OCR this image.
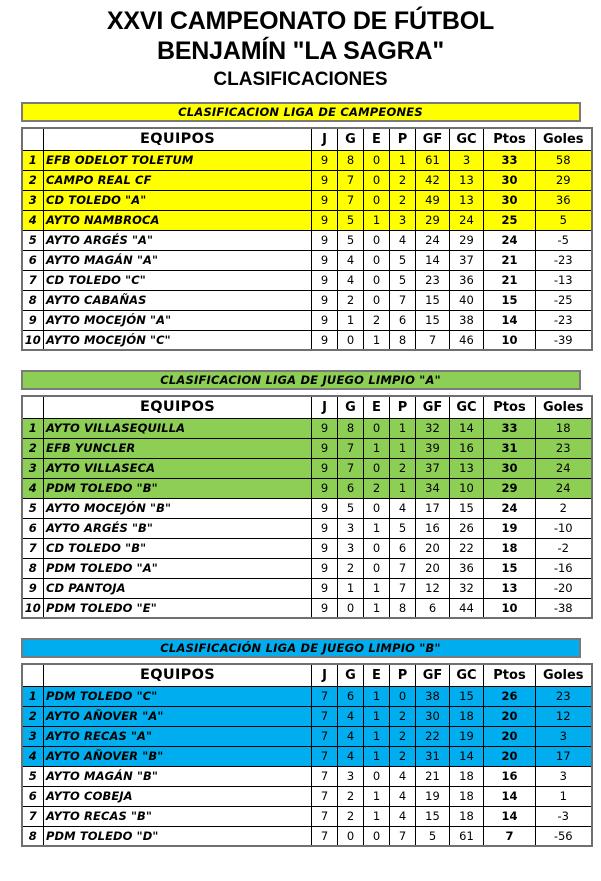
XXVI CAMPEONATO DE FÚTBOL
BENJAMÍN "LA SAGRA"
CLASIFICACIONES
CLASIFICACION LIGA DE CAMPEONES
	EQUIPOS	J	G	E	P	GF	GC	Ptos	Goles
1	EFB ODELOT TOLETUM	9	8	0	1	61	3	33	58
2	CAMPO REAL CF	9	7	0	2	42	13	30	29
3	CD TOLEDO "A"	9	7	0	2	49	13	30	36
4	AYTO NAMBROCA	9	5	1	3	29	24	25	5
5	AYTO ARGÉS "A"	9	5	0	4	24	29	24	-5
6	AYTO MAGÁN "A"	9	4	0	5	14	37	21	-23
7	CD TOLEDO "C"	9	4	0	5	23	36	21	-13
8	AYTO CABAÑAS	9	2	0	7	15	40	15	-25
9	AYTO MOCEJÓN "A"	9	1	2	6	15	38	14	-23
10	AYTO MOCEJÓN "C"	9	0	1	8	7	46	10	-39
CLASIFICACION LIGA DE JUEGO LIMPIO "A"
	EQUIPOS	J	G	E	P	GF	GC	Ptos	Goles
1	AYTO VILLASEQUILLA	9	8	0	1	32	14	33	18
2	EFB YUNCLER	9	7	1	1	39	16	31	23
3	AYTO VILLASECA	9	7	0	2	37	13	30	24
4	PDM TOLEDO "B"	9	6	2	1	34	10	29	24
5	AYTO MOCEJÓN "B"	9	5	0	4	17	15	24	2
6	AYTO ARGÉS "B"	9	3	1	5	16	26	19	-10
7	CD TOLEDO "B"	9	3	0	6	20	22	18	-2
8	PDM TOLEDO "A"	9	2	0	7	20	36	15	-16
9	CD PANTOJA	9	1	1	7	12	32	13	-20
10	PDM TOLEDO "E"	9	0	1	8	6	44	10	-38
CLASIFICACIÓN LIGA DE JUEGO LIMPIO "B"
	EQUIPOS	J	G	E	P	GF	GC	Ptos	Goles
1	PDM TOLEDO "C"	7	6	1	0	38	15	26	23
2	AYTO AÑOVER "A"	7	4	1	2	30	18	20	12
3	AYTO RECAS "A"	7	4	1	2	22	19	20	3
4	AYTO AÑOVER "B"	7	4	1	2	31	14	20	17
5	AYTO MAGÁN "B"	7	3	0	4	21	18	16	3
6	AYTO COBEJA	7	2	1	4	19	18	14	1
7	AYTO RECAS "B"	7	2	1	4	15	18	14	-3
8	PDM TOLEDO "D"	7	0	0	7	5	61	7	-56
